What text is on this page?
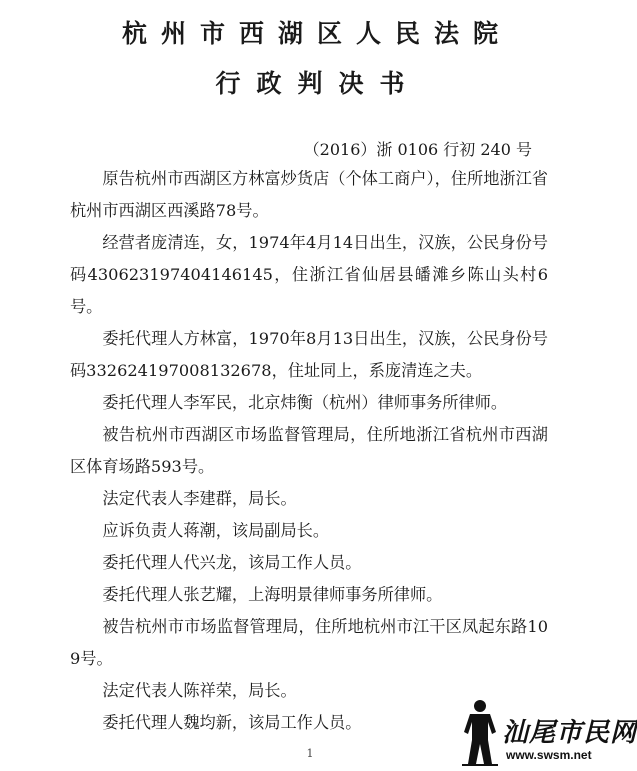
杭州市西湖区人民法院
行政判决书
（2016）浙 0106 行初 240 号

原告杭州市西湖区方林富炒货店（个体工商户），住所地浙江省杭州市西湖区西溪路78号。

经营者庞清连，女，1974年4月14日出生，汉族，公民身份号码430623197404146145，住浙江省仙居县皤滩乡陈山头村6号。

委托代理人方林富，1970年8月13日出生，汉族，公民身份号码332624197008132678，住址同上，系庞清连之夫。

委托代理人李军民，北京炜衡（杭州）律师事务所律师。

被告杭州市西湖区市场监督管理局，住所地浙江省杭州市西湖区体育场路593号。

法定代表人李建群，局长。

应诉负责人蒋潮，该局副局长。

委托代理人代兴龙，该局工作人员。

委托代理人张艺耀，上海明景律师事务所律师。

被告杭州市市场监督管理局，住所地杭州市江干区凤起东路109号。

法定代表人陈祥荣，局长。

委托代理人魏均新，该局工作人员。

1
汕尾市民网
www.swsm.net
